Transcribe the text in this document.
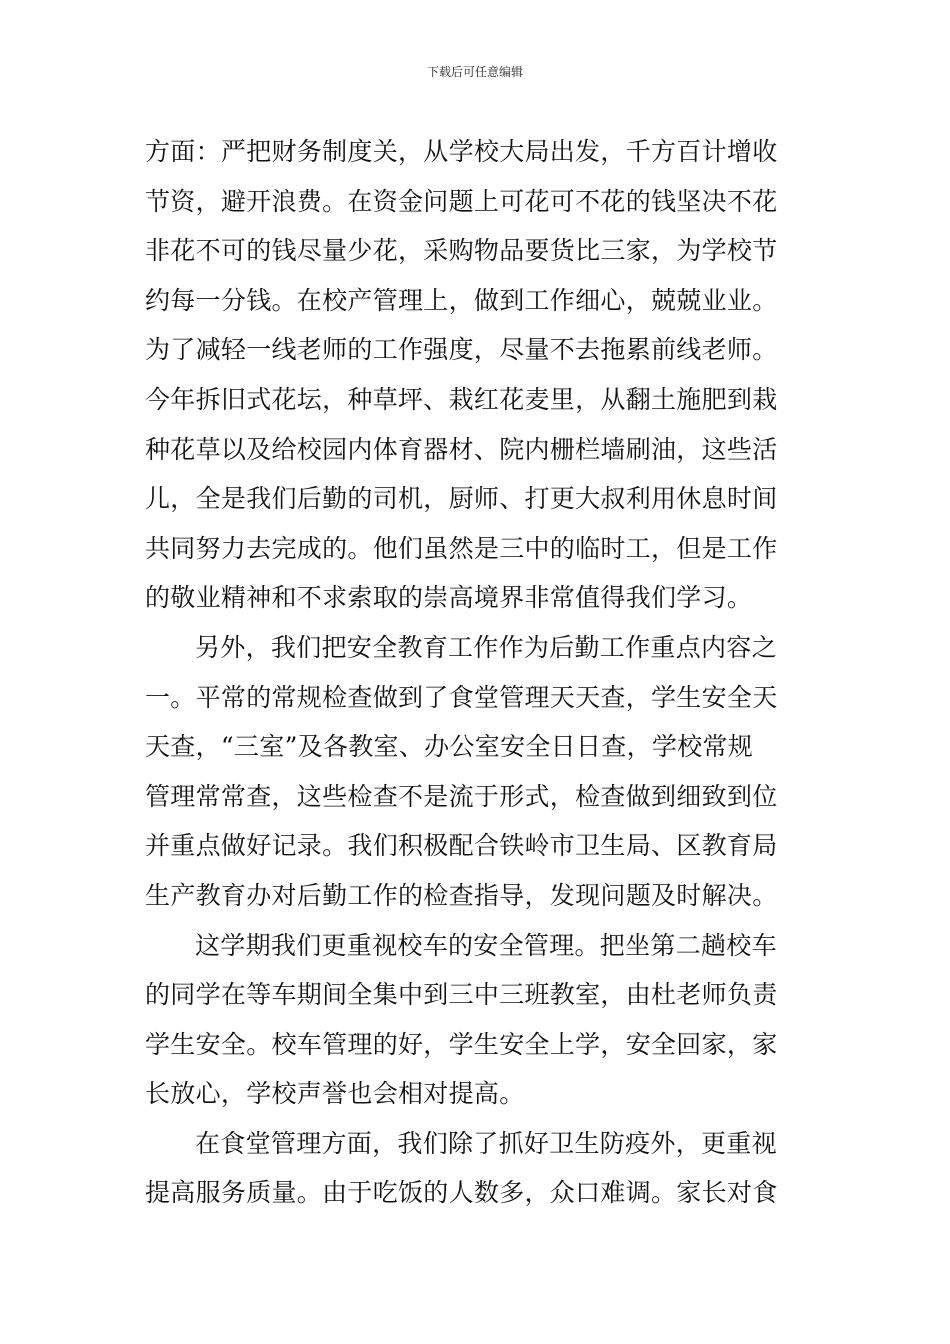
下载后可任意编辑
方面：严把财务制度关，从学校大局出发，千方百计增收
节资，避开浪费。在资金问题上可花可不花的钱坚决不花
非花不可的钱尽量少花，采购物品要货比三家，为学校节
约每一分钱。在校产管理上，做到工作细心，兢兢业业。
为了减轻一线老师的工作强度，尽量不去拖累前线老师。
今年拆旧式花坛，种草坪、栽红花麦里，从翻土施肥到栽
种花草以及给校园内体育器材、院内栅栏墙刷油，这些活
儿，全是我们后勤的司机，厨师、打更大叔利用休息时间
共同努力去完成的。他们虽然是三中的临时工，但是工作
的敬业精神和不求索取的崇高境界非常值得我们学习。
另外，我们把安全教育工作作为后勤工作重点内容之
一。平常的常规检查做到了食堂管理天天查，学生安全天
天查，“三室”及各教室、办公室安全日日查，学校常规
管理常常查，这些检查不是流于形式，检查做到细致到位
并重点做好记录。我们积极配合铁岭市卫生局、区教育局
生产教育办对后勤工作的检查指导，发现问题及时解决。
这学期我们更重视校车的安全管理。把坐第二趟校车
的同学在等车期间全集中到三中三班教室，由杜老师负责
学生安全。校车管理的好，学生安全上学，安全回家，家
长放心，学校声誉也会相对提高。
在食堂管理方面，我们除了抓好卫生防疫外，更重视
提高服务质量。由于吃饭的人数多，众口难调。家长对食
